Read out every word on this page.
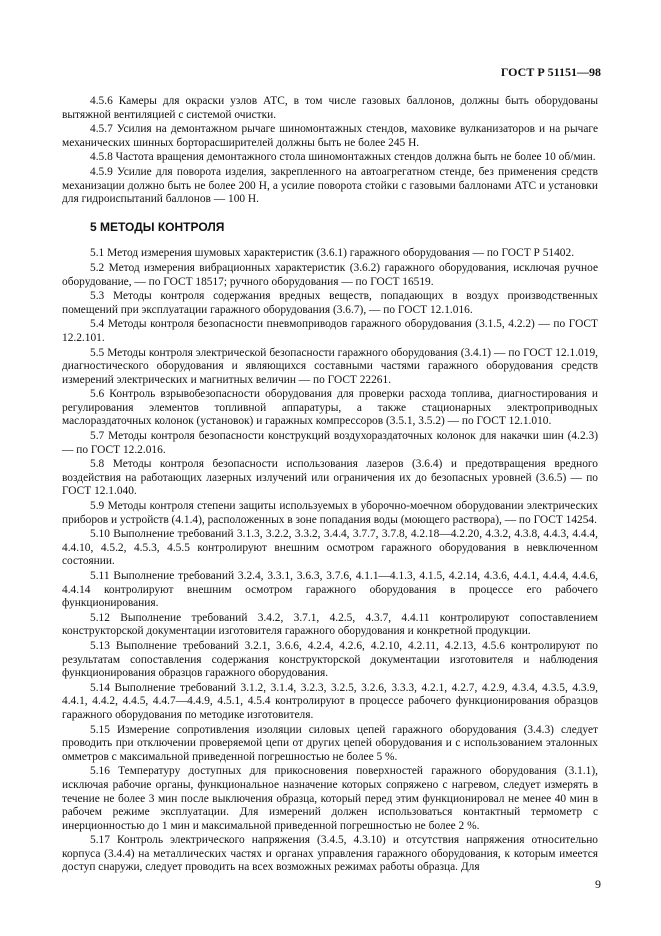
ГОСТ Р 51151—98

4.5.6 Камеры для окраски узлов АТС, в том числе газовых баллонов, должны быть оборудованы вытяжной вентиляцией с системой очистки.

4.5.7 Усилия на демонтажном рычаге шиномонтажных стендов, маховике вулканизаторов и на рычаге механических шинных борторасширителей должны быть не более 245 Н.

4.5.8 Частота вращения демонтажного стола шиномонтажных стендов должна быть не более 10 об/мин.

4.5.9 Усилие для поворота изделия, закрепленного на автоагрегатном стенде, без применения средств механизации должно быть не более 200 Н, а усилие поворота стойки с газовыми баллонами АТС и установки для гидроиспытаний баллонов — 100 Н.

5 МЕТОДЫ КОНТРОЛЯ

5.1 Метод измерения шумовых характеристик (3.6.1) гаражного оборудования — по ГОСТ Р 51402.

5.2 Метод измерения вибрационных характеристик (3.6.2) гаражного оборудования, исключая ручное оборудование, — по ГОСТ 18517; ручного оборудования — по ГОСТ 16519.

5.3 Методы контроля содержания вредных веществ, попадающих в воздух производственных помещений при эксплуатации гаражного оборудования (3.6.7), — по ГОСТ 12.1.016.

5.4 Методы контроля безопасности пневмоприводов гаражного оборудования (3.1.5, 4.2.2) — по ГОСТ 12.2.101.

5.5 Методы контроля электрической безопасности гаражного оборудования (3.4.1) — по ГОСТ 12.1.019, диагностического оборудования и являющихся составными частями гаражного оборудования средств измерений электрических и магнитных величин — по ГОСТ 22261.

5.6 Контроль взрывобезопасности оборудования для проверки расхода топлива, диагностирования и регулирования элементов топливной аппаратуры, а также стационарных электроприводных маслораздаточных колонок (установок) и гаражных компрессоров (3.5.1, 3.5.2) — по ГОСТ 12.1.010.

5.7 Методы контроля безопасности конструкций воздухораздаточных колонок для накачки шин (4.2.3) — по ГОСТ 12.2.016.

5.8 Методы контроля безопасности использования лазеров (3.6.4) и предотвращения вредного воздействия на работающих лазерных излучений или ограничения их до безопасных уровней (3.6.5) — по ГОСТ 12.1.040.

5.9 Методы контроля степени защиты используемых в уборочно-моечном оборудовании электрических приборов и устройств (4.1.4), расположенных в зоне попадания воды (моющего раствора), — по ГОСТ 14254.

5.10 Выполнение требований 3.1.3, 3.2.2, 3.3.2, 3.4.4, 3.7.7, 3.7.8, 4.2.18—4.2.20, 4.3.2, 4.3.8, 4.4.3, 4.4.4, 4.4.10, 4.5.2, 4.5.3, 4.5.5 контролируют внешним осмотром гаражного оборудования в невключенном состоянии.

5.11 Выполнение требований 3.2.4, 3.3.1, 3.6.3, 3.7.6, 4.1.1—4.1.3, 4.1.5, 4.2.14, 4.3.6, 4.4.1, 4.4.4, 4.4.6, 4.4.14 контролируют внешним осмотром гаражного оборудования в процессе его рабочего функционирования.

5.12 Выполнение требований 3.4.2, 3.7.1, 4.2.5, 4.3.7, 4.4.11 контролируют сопоставлением конструкторской документации изготовителя гаражного оборудования и конкретной продукции.

5.13 Выполнение требований 3.2.1, 3.6.6, 4.2.4, 4.2.6, 4.2.10, 4.2.11, 4.2.13, 4.5.6 контролируют по результатам сопоставления содержания конструкторской документации изготовителя и наблюдения функционирования образцов гаражного оборудования.

5.14 Выполнение требований 3.1.2, 3.1.4, 3.2.3, 3.2.5, 3.2.6, 3.3.3, 4.2.1, 4.2.7, 4.2.9, 4.3.4, 4.3.5, 4.3.9, 4.4.1, 4.4.2, 4.4.5, 4.4.7—4.4.9, 4.5.1, 4.5.4 контролируют в процессе рабочего функционирования образцов гаражного оборудования по методике изготовителя.

5.15 Измерение сопротивления изоляции силовых цепей гаражного оборудования (3.4.3) следует проводить при отключении проверяемой цепи от других цепей оборудования и с использованием эталонных омметров с максимальной приведенной погрешностью не более 5 %.

5.16 Температуру доступных для прикосновения поверхностей гаражного оборудования (3.1.1), исключая рабочие органы, функциональное назначение которых сопряжено с нагревом, следует измерять в течение не более 3 мин после выключения образца, который перед этим функционировал не менее 40 мин в рабочем режиме эксплуатации. Для измерений должен использоваться контактный термометр с инерционностью до 1 мин и максимальной приведенной погрешностью не более 2 %.

5.17 Контроль электрического напряжения (3.4.5, 4.3.10) и отсутствия напряжения относительно корпуса (3.4.4) на металлических частях и органах управления гаражного оборудования, к которым имеется доступ снаружи, следует проводить на всех возможных режимах работы образца. Для

9
